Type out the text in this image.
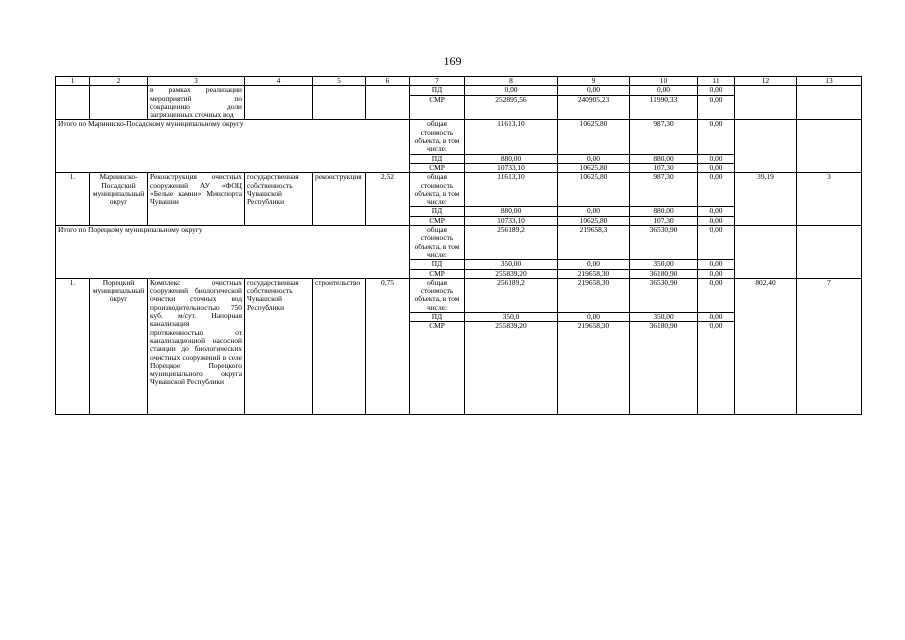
169
1	2	3	4	5	6	7	8	9	10	11	12	13
		в рамках реализации мероприятий по сокращению доли загрязненных сточных вод				ПД	0,00	0,00	0,00	0,00		
						СМР	252895,56	240905,23	11990,33	0,00		
Итого по Мариинско-Посадскому муниципальному округу						общая стоимость объекта, в том числе:	11613,10	10625,80	987,30	0,00		
						ПД	880,00	0,00	880,00	0,00		
						СМР	10733,10	10625,80	107,30	0,00		
1.	Мариинско-Посадский муниципальный округ	Реконструкция очистных сооружений АУ «ФОЦ «Белые камни» Минспорта Чувашии	государственная собственность Чувашской Республики	реконструкция	2,52	общая стоимость объекта, в том числе:	11613,10	10625,80	987,30	0,00	39,19	3
						ПД	880,00	0,00	880,00	0,00		
						СМР	10733,10	10625,80	107,30	0,00		
Итого по Порецкому муниципальному округу						общая стоимость объекта, в том числе:	256189,2	219658,3	36530,90	0,00		
						ПД	350,00	0,00	350,00	0,00		
						СМР	255839,20	219658,30	36180,90	0,00		
1.	Порецкий муниципальный округ	Комплекс очистных сооружений биологической очистки сточных вод производительностью 750 куб. м/сут. Напорная канализация протяженностью от канализационной насосной станции до биологических очистных сооружений в селе Порецкое Порецкого муниципального округа Чувашской Республики	государственная собственность Чувашской Республики	строительство	0,75	общая стоимость объекта, в том числе:	256189,2	219658,30	36530,90	0,00	802,40	7
						ПД	350,0	0,00	350,00	0,00		
						СМР	255839,20	219658,30	36180,90	0,00		
